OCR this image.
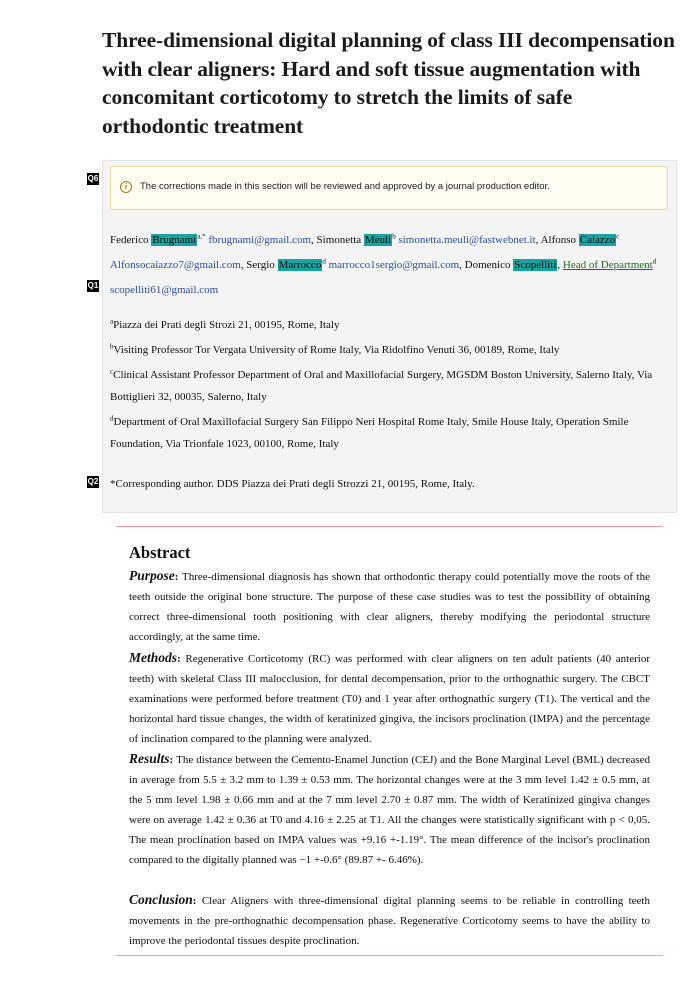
Three-dimensional digital planning of class III decompensation with clear aligners: Hard and soft tissue augmentation with concomitant corticotomy to stretch the limits of safe orthodontic treatment
Q6
Q1
Q2
i	The corrections made in this section will be reviewed and approved by a journal production editor.
Federico Brugnami$^{a,*}$ fbrugnami@gmail.com, Simonetta Meuli$^b$ simonetta.meuli@fastwebnet.it, Alfonso Caiazzo$^c$ Alfonsocaiazzo7@gmail.com, Sergio Marrocco$^d$ marrocco1sergio@gmail.com, Domenico Scopelliti, Head of Department$^d$ scopelliti61@gmail.com
$^a$Piazza dei Prati degli Strozi 21, 00195, Rome, Italy
$^b$Visiting Professor Tor Vergata University of Rome Italy, Via Ridolfino Venuti 36, 00189, Rome, Italy
$^c$Clinical Assistant Professor Department of Oral and Maxillofacial Surgery, MGSDM Boston University, Salerno Italy, Via Bottiglieri 32, 00035, Salerno, Italy
$^d$Department of Oral Maxillofacial Surgery San Filippo Neri Hospital Rome Italy, Smile House Italy, Operation Smile Foundation, Via Trionfale 1023, 00100, Rome, Italy
*Corresponding author. DDS Piazza dei Prati degli Strozzi 21, 00195, Rome, Italy.
Abstract
Purpose: Three-dimensional diagnosis has shown that orthodontic therapy could potentially move the roots of the teeth outside the original bone structure. The purpose of these case studies was to test the possibility of obtaining correct three-dimensional tooth positioning with clear aligners, thereby modifying the periodontal structure accordingly, at the same time.
Methods: Regenerative Corticotomy (RC) was performed with clear aligners on ten adult patients (40 anterior teeth) with skeletal Class III malocclusion, for dental decompensation, prior to the orthognathic surgery. The CBCT examinations were performed before treatment (T0) and 1 year after orthognathic surgery (T1). The vertical and the horizontal hard tissue changes, the width of keratinized gingiva, the incisors proclination (IMPA) and the percentage of inclination compared to the planning were analyzed.
Results: The distance between the Cemento-Enamel Junction (CEJ) and the Bone Marginal Level (BML) decreased in average from 5.5 ± 3.2 mm to 1.39 ± 0.53 mm. The horizontal changes were at the 3 mm level 1.42 ± 0.5 mm, at the 5 mm level 1.98 ± 0.66 mm and at the 7 mm level 2.70 ± 0.87 mm. The width of Keratinized gingiva changes were on average 1.42 ± 0.36 at T0 and 4.16 ± 2.25 at T1. All the changes were statistically significant with p < 0,05. The mean proclination based on IMPA values was +9.16 +-1.19°. The mean difference of the incisor's proclination compared to the digitally planned was −1 +-0.6° (89.87 +- 6.46%).
Conclusion: Clear Aligners with three-dimensional digital planning seems to be reliable in controlling teeth movements in the pre-orthognathic decompensation phase. Regenerative Corticotomy seems to have the ability to improve the periodontal tissues despite proclination.
